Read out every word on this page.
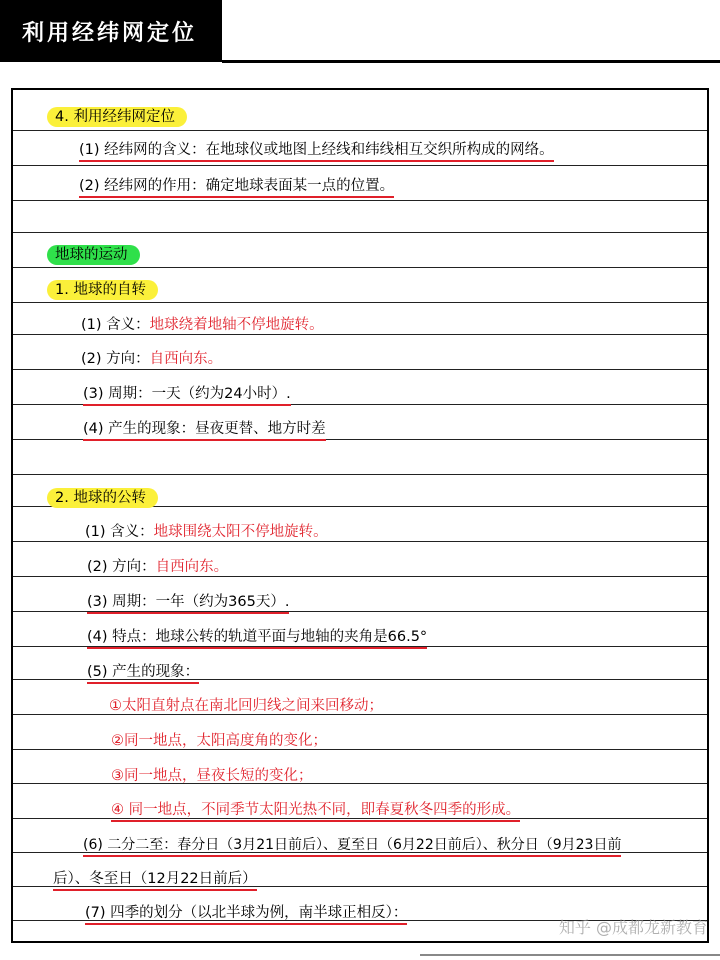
利用经纬网定位
4. 利用经纬网定位
(1) 经纬网的含义：在地球仪或地图上经线和纬线相互交织所构成的网络。
(2) 经纬网的作用：确定地球表面某一点的位置。
地球的运动
1. 地球的自转
(1) 含义：地球绕着地轴不停地旋转。
(2) 方向：自西向东。
(3) 周期：一天（约为24小时）.
(4) 产生的现象：昼夜更替、地方时差
2. 地球的公转
(1) 含义：地球围绕太阳不停地旋转。
(2) 方向：自西向东。
(3) 周期：一年（约为365天）.
(4) 特点：地球公转的轨道平面与地轴的夹角是66.5°
(5) 产生的现象：
①太阳直射点在南北回归线之间来回移动；
②同一地点，太阳高度角的变化；
③同一地点，昼夜长短的变化；
④ 同一地点，不同季节太阳光热不同，即春夏秋冬四季的形成。
(6) 二分二至：春分日（3月21日前后）、夏至日（6月22日前后）、秋分日（9月23日前
后）、冬至日（12月22日前后）
(7) 四季的划分（以北半球为例，南半球正相反）：
知乎 @成都龙新教育
